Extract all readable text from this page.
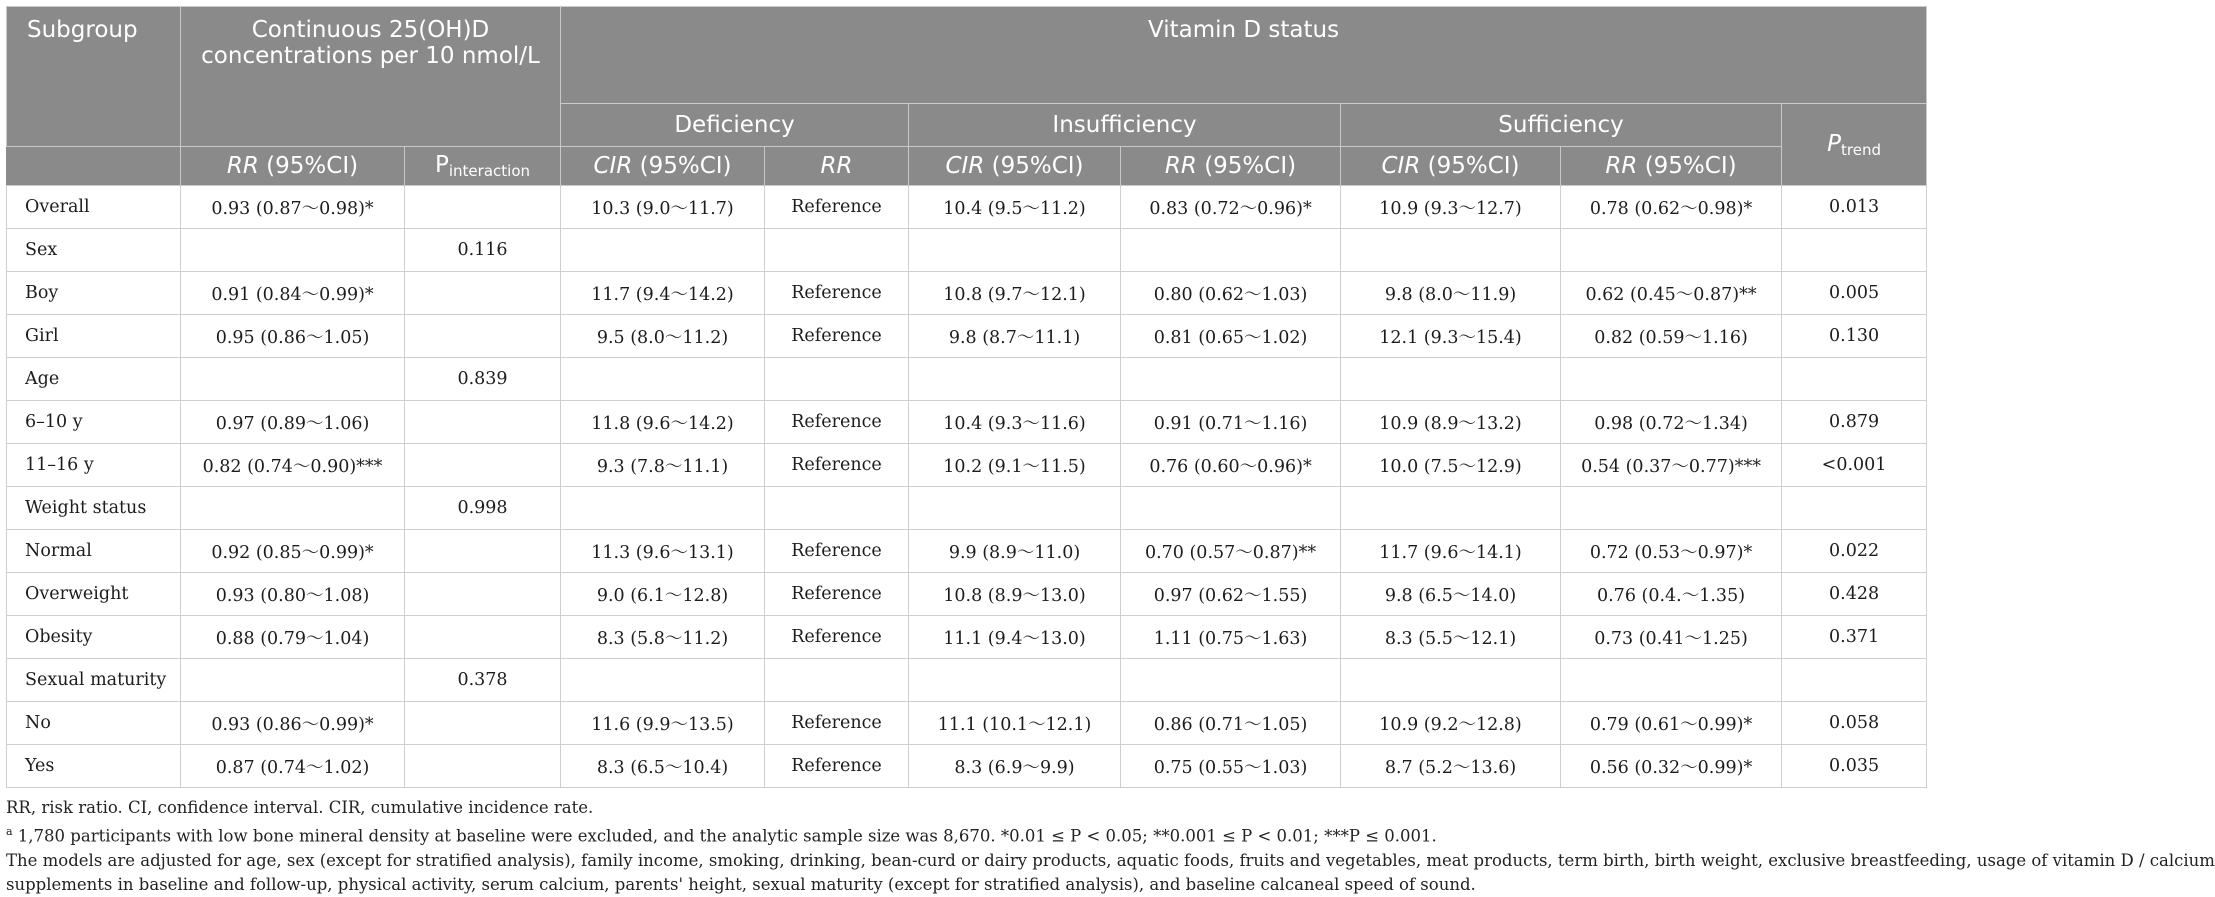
Subgroup	Continuous 25(OH)D concentrations per 10 nmol/L		Vitamin D status						
			Deficiency		Insufficiency		Sufficiency		$P_{trend}$
	RR (95%CI)	$P_{interaction}$	CIR (95%CI)	RR	CIR (95%CI)	RR (95%CI)	CIR (95%CI)	RR (95%CI)	
Overall	0.93 (0.87～0.98)*		10.3 (9.0～11.7)	Reference	10.4 (9.5～11.2)	0.83 (0.72～0.96)*	10.9 (9.3～12.7)	0.78 (0.62～0.98)*	0.013
Sex		0.116							
Boy	0.91 (0.84～0.99)*		11.7 (9.4～14.2)	Reference	10.8 (9.7～12.1)	0.80 (0.62～1.03)	9.8 (8.0～11.9)	0.62 (0.45～0.87)**	0.005
Girl	0.95 (0.86～1.05)		9.5 (8.0～11.2)	Reference	9.8 (8.7～11.1)	0.81 (0.65～1.02)	12.1 (9.3～15.4)	0.82 (0.59～1.16)	0.130
Age		0.839							
6–10 y	0.97 (0.89～1.06)		11.8 (9.6～14.2)	Reference	10.4 (9.3～11.6)	0.91 (0.71～1.16)	10.9 (8.9～13.2)	0.98 (0.72～1.34)	0.879
11–16 y	0.82 (0.74～0.90)***		9.3 (7.8～11.1)	Reference	10.2 (9.1～11.5)	0.76 (0.60～0.96)*	10.0 (7.5～12.9)	0.54 (0.37～0.77)***	<0.001
Weight status		0.998							
Normal	0.92 (0.85～0.99)*		11.3 (9.6～13.1)	Reference	9.9 (8.9～11.0)	0.70 (0.57～0.87)**	11.7 (9.6～14.1)	0.72 (0.53～0.97)*	0.022
Overweight	0.93 (0.80～1.08)		9.0 (6.1～12.8)	Reference	10.8 (8.9～13.0)	0.97 (0.62～1.55)	9.8 (6.5～14.0)	0.76 (0.4.～1.35)	0.428
Obesity	0.88 (0.79～1.04)		8.3 (5.8～11.2)	Reference	11.1 (9.4～13.0)	1.11 (0.75～1.63)	8.3 (5.5～12.1)	0.73 (0.41～1.25)	0.371
Sexual maturity		0.378							
No	0.93 (0.86～0.99)*		11.6 (9.9～13.5)	Reference	11.1 (10.1～12.1)	0.86 (0.71～1.05)	10.9 (9.2～12.8)	0.79 (0.61～0.99)*	0.058
Yes	0.87 (0.74～1.02)		8.3 (6.5～10.4)	Reference	8.3 (6.9～9.9)	0.75 (0.55～1.03)	8.7 (5.2～13.6)	0.56 (0.32～0.99)*	0.035

RR, risk ratio. CI, confidence interval. CIR, cumulative incidence rate.

$^a$ 1,780 participants with low bone mineral density at baseline were excluded, and the analytic sample size was 8,670. *0.01 ≤ P < 0.05; **0.001 ≤ P < 0.01; ***P ≤ 0.001.

The models are adjusted for age, sex (except for stratified analysis), family income, smoking, drinking, bean-curd or dairy products, aquatic foods, fruits and vegetables, meat products, term birth, birth weight, exclusive breastfeeding, usage of vitamin D / calcium

supplements in baseline and follow-up, physical activity, serum calcium, parents' height, sexual maturity (except for stratified analysis), and baseline calcaneal speed of sound.
